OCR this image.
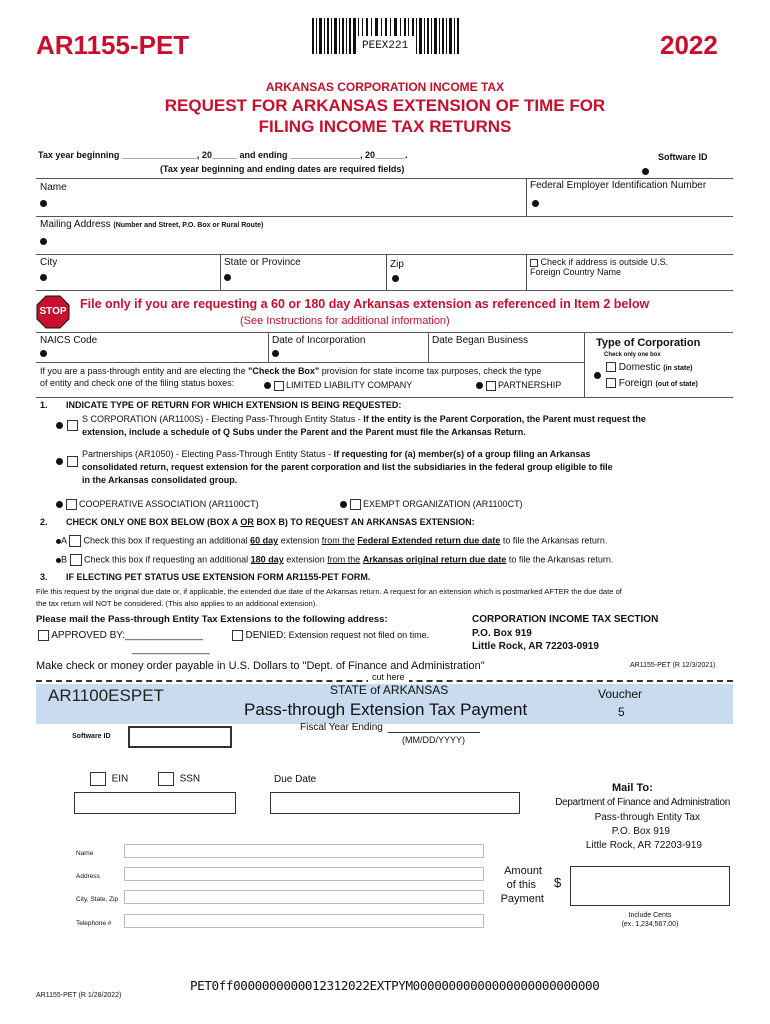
AR1155-PET	PEEX221	2022
ARKANSAS CORPORATION INCOME TAX
REQUEST FOR ARKANSAS EXTENSION OF TIME FOR
FILING INCOME TAX RETURNS
Tax year beginning _______________, 20_____ and ending ______________, 20______.
(Tax year beginning and ending dates are required fields)
Software ID
Name	Federal Employer Identification Number
Mailing Address (Number and Street, P.O. Box or Rural Route)
City	State or Province	Zip	Check if address is outside U.S.
Foreign Country Name
STOP
File only if you are requesting a 60 or 180 day Arkansas extension as referenced in Item 2 below
(See Instructions for additional information)
NAICS Code	Date of Incorporation	Date Began Business	Type of Corporation
Check only one box
Domestic (in state)
Foreign (out of state)
If you are a pass-through entity and are electing the "Check the Box" provision for state income tax purposes, check the type
of entity and check one of the filing status boxes:	LIMITED LIABILITY COMPANY	PARTNERSHIP
1. INDICATE TYPE OF RETURN FOR WHICH EXTENSION IS BEING REQUESTED:

S CORPORATION (AR1100S) - Electing Pass-Through Entity Status - If the entity is the Parent Corporation, the Parent must request the
extension, include a schedule of Q Subs under the Parent and the Parent must file the Arkansas Return.

Partnerships (AR1050) - Electing Pass-Through Entity Status - If requesting for (a) member(s) of a group filing an Arkansas
consolidated return, request extension for the parent corporation and list the subsidiaries in the federal group eligible to file
in the Arkansas consolidated group.
COOPERATIVE ASSOCIATION (AR1100CT)	EXEMPT ORGANIZATION (AR1100CT)
2. CHECK ONLY ONE BOX BELOW (BOX A OR BOX B) TO REQUEST AN ARKANSAS EXTENSION:
A Check this box if requesting an additional 60 day extension from the Federal Extended return due date to file the Arkansas return.
B Check this box if requesting an additional 180 day extension from the Arkansas original return due date to file the Arkansas return.
3. IF ELECTING PET STATUS USE EXTENSION FORM AR1155-PET FORM.
File this request by the original due date or, if applicable, the extended due date of the Arkansas return. A request for an extension which is postmarked AFTER the due date of
the tax return will NOT be considered. (This also applies to an additional extension).
Please mail the Pass-through Entity Tax Extensions to the following address:	CORPORATION INCOME TAX SECTION
P.O. Box 919
Little Rock, AR 72203-0919
APPROVED BY:______________	DENIED: Extension request not filed on time.
______________
Make check or money order payable in U.S. Dollars to "Dept. of Finance and Administration"	AR1155-PET (R 12/3/2021)
cut here
AR1100ESPET	STATE of ARKANSAS
Pass-through Extension Tax Payment
Voucher
5
Software ID
Fiscal Year Ending
(MM/DD/YYYY)
EIN	SSN	Due Date
Mail To:
Department of Finance and Administration
Pass-through Entity Tax
P.O. Box 919
Little Rock, AR 72203-919
Name
Address
City, State, Zip
Telephone #
Amount
of this
Payment
$
Include Cents
(ex. 1,234,567.00)
PET0ff0000000000012312022EXTPYM00000000000000000000000000
AR1155-PET (R 1/28/2022)
